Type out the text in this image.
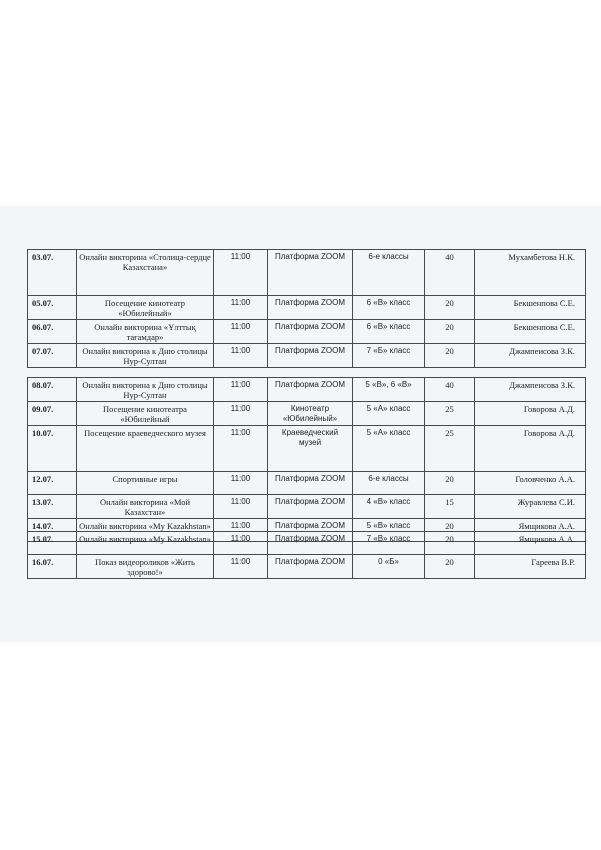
03.07.	Онлайн викторина «Столица-сердце Казахстана»	11:00	Платформа ZOOM	6-е классы	40	Мухамбетова Н.К.
05.07.	Посещение кинотеатр «Юбилейный»	11:00	Платформа ZOOM	6 «В» класс	20	Бекшенпова С.Е.
06.07.	Онлайн викторина «Ұлттық тағамдар»	11:00	Платформа ZOOM	6 «В» класс	20	Бекшенпова С.Е.
07.07.	Онлайн викторина к Дню столицы Нур-Султан	11:00	Платформа ZOOM	7 «Б» класс	20	Джампеисова З.К.
08.07.	Онлайн викторина к Дню столицы Нур-Султан	11:00	Платформа ZOOM	5 «В», 6 «В»	40	Джампеисова З.К.
09.07.	Посещение кинотеатра «Юбилейный	11:00	Кинотеатр «Юбилейный»	5 «А» класс	25	Говорова А.Д.
10.07.	Посещение краеведческого музея	11:00	Краеведческий музей	5 «А» класс	25	Говорова А.Д.
12.07.	Спортивные игры	11:00	Платформа ZOOM	6-е классы	20	Головченко А.А.
13.07.	Онлайн викторина «Мой Казахстан»	11:00	Платформа ZOOM	4 «В» класс	15	Журавлева С.И.
14.07.	Онлайн викторина «My Kazakhstan»	11:00	Платформа ZOOM	5 «В» класс	20	Ямщикова А.А.
15.07.	Онлайн викторина «My Kazakhstan»	11:00	Платформа ZOOM	7 «В» класс	20	Ямщикова А.А.
16.07.	Показ видеороликов «Жить здорово!»	11:00	Платформа ZOOM	0 «Б»	20	Гареева В.Р.
